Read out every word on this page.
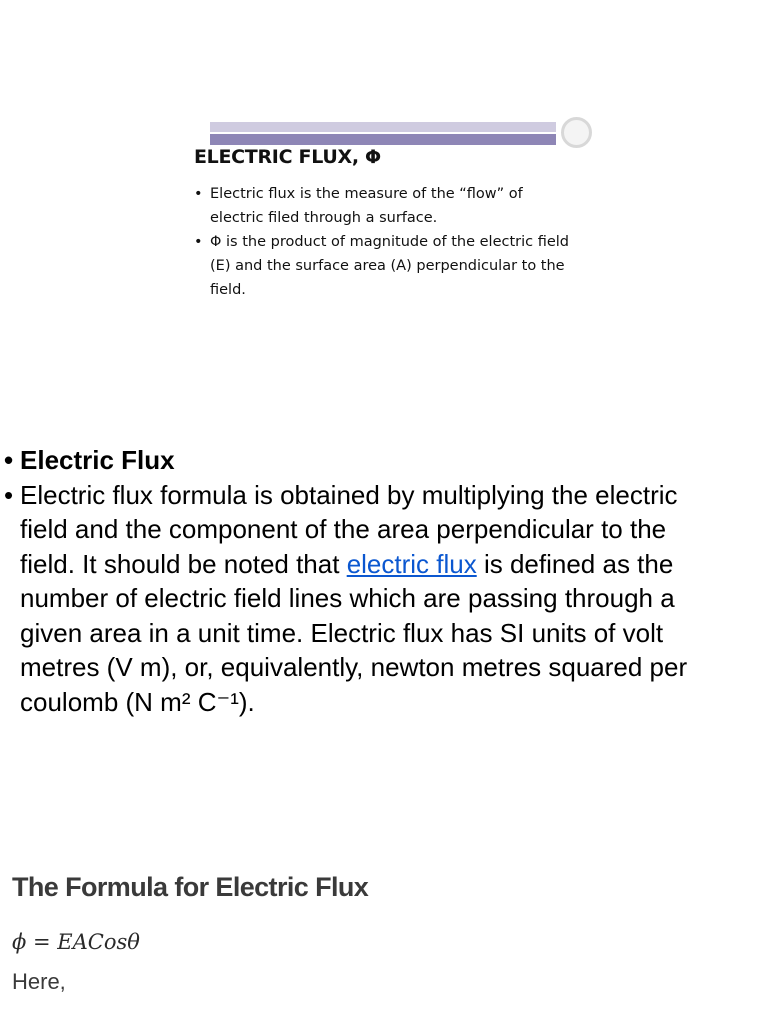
ELECTRIC FLUX, Φ
• Electric flux is the measure of the “flow” of electric filed through a surface.
• Φ is the product of magnitude of the electric field (E) and the surface area (A) perpendicular to the field.
• Electric Flux
• Electric flux formula is obtained by multiplying the electric field and the component of the area perpendicular to the field. It should be noted that electric flux is defined as the number of electric field lines which are passing through a given area in a unit time. Electric flux has SI units of volt metres (V m), or, equivalently, newton metres squared per coulomb (N m² C⁻¹).
The Formula for Electric Flux
ϕ = EACosθ
Here,
